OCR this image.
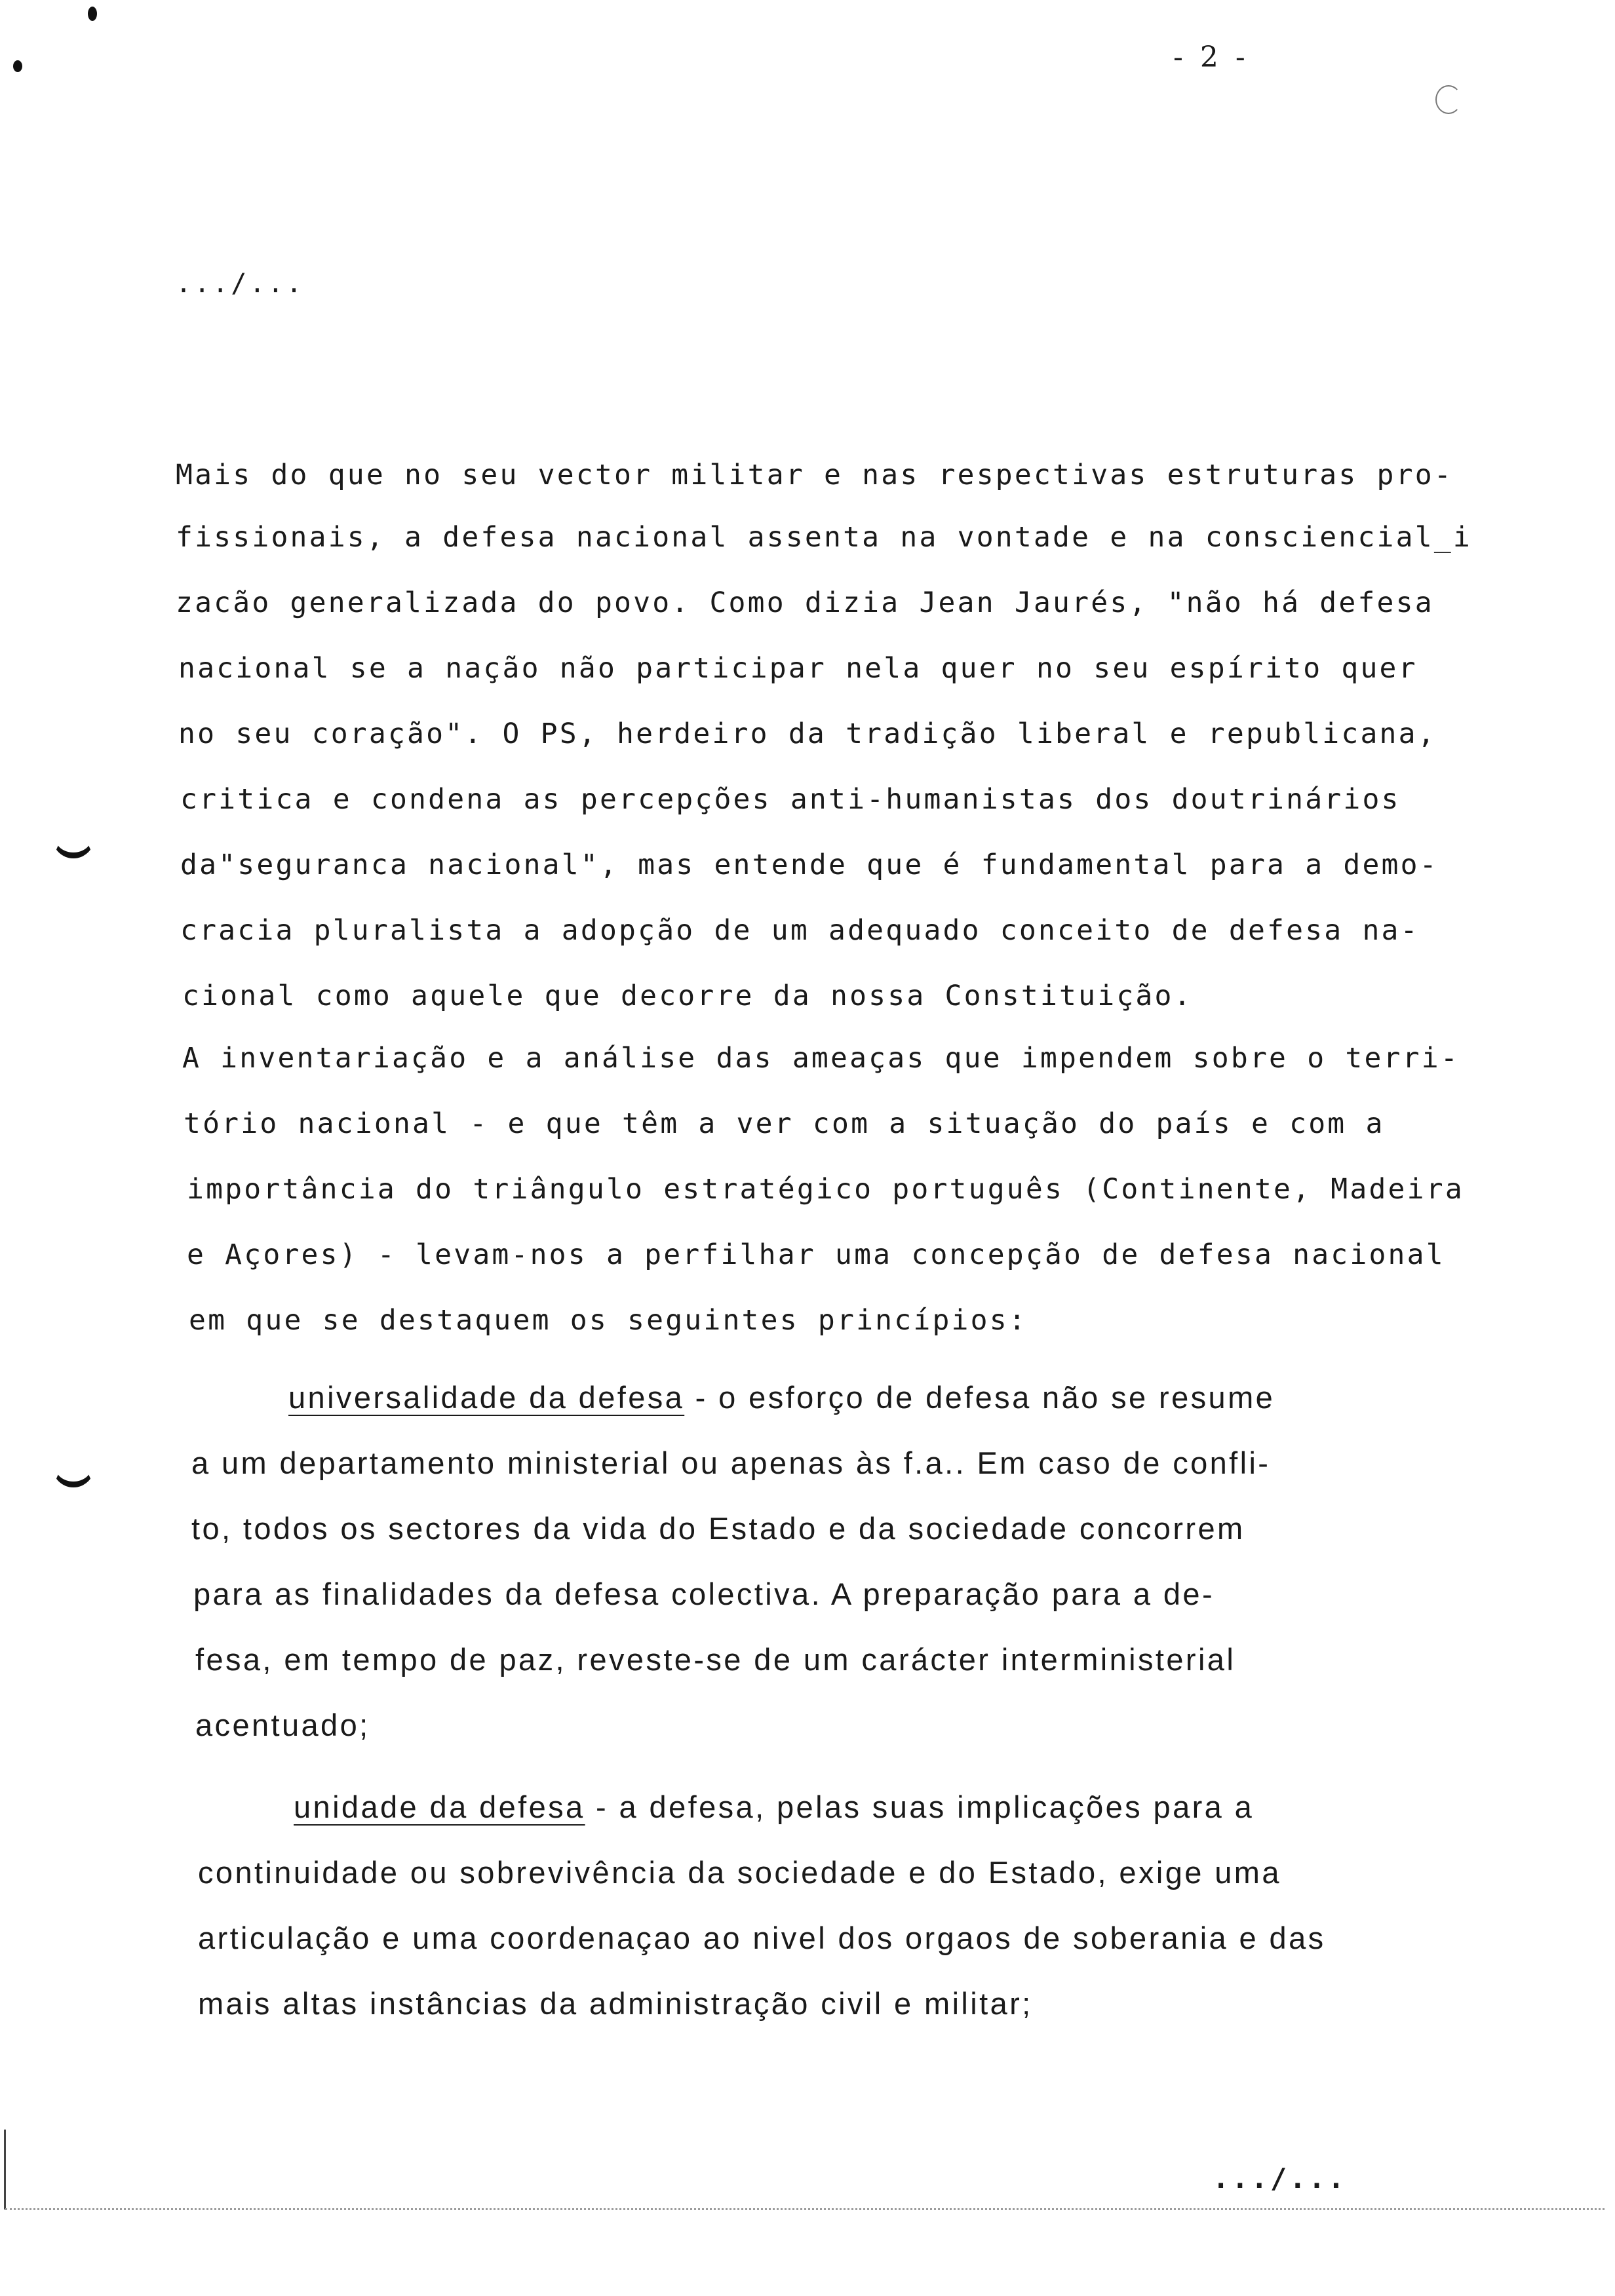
- 2 -
.../...
Mais do que no seu vector militar e nas respectivas estruturas pro-
fissionais, a defesa nacional assenta na vontade e na consciencial_i
zacão generalizada do povo. Como dizia Jean Jaurés, "não há defesa
nacional se a nação não participar nela quer no seu espírito quer
no seu coração". O PS, herdeiro da tradição liberal e republicana,
critica e condena as percepções anti-humanistas dos doutrinários
da"seguranca nacional", mas entende que é fundamental para a demo-
cracia pluralista a adopção de um adequado conceito de defesa na-
cional como aquele que decorre da nossa Constituição.
A inventariação e a análise das ameaças que impendem sobre o terri-
tório nacional - e que têm a ver com a situação do país e com a
importância do triângulo estratégico português (Continente, Madeira
e Açores) - levam-nos a perfilhar uma concepção de defesa nacional
em que se destaquem os seguintes princípios:
universalidade da defesa - o esforço de defesa não se resume
a um departamento ministerial ou apenas às f.a.. Em caso de confli-
to, todos os sectores da vida do Estado e da sociedade concorrem
para as finalidades da defesa colectiva. A preparação para a de-
fesa, em tempo de paz, reveste-se de um carácter interministerial
acentuado;
unidade da defesa - a defesa, pelas suas implicações para a
continuidade ou sobrevivência da sociedade e do Estado, exige uma
articulação e uma coordenaçao ao nivel dos orgaos de soberania e das
mais altas instâncias da administração civil e militar;
.../...
